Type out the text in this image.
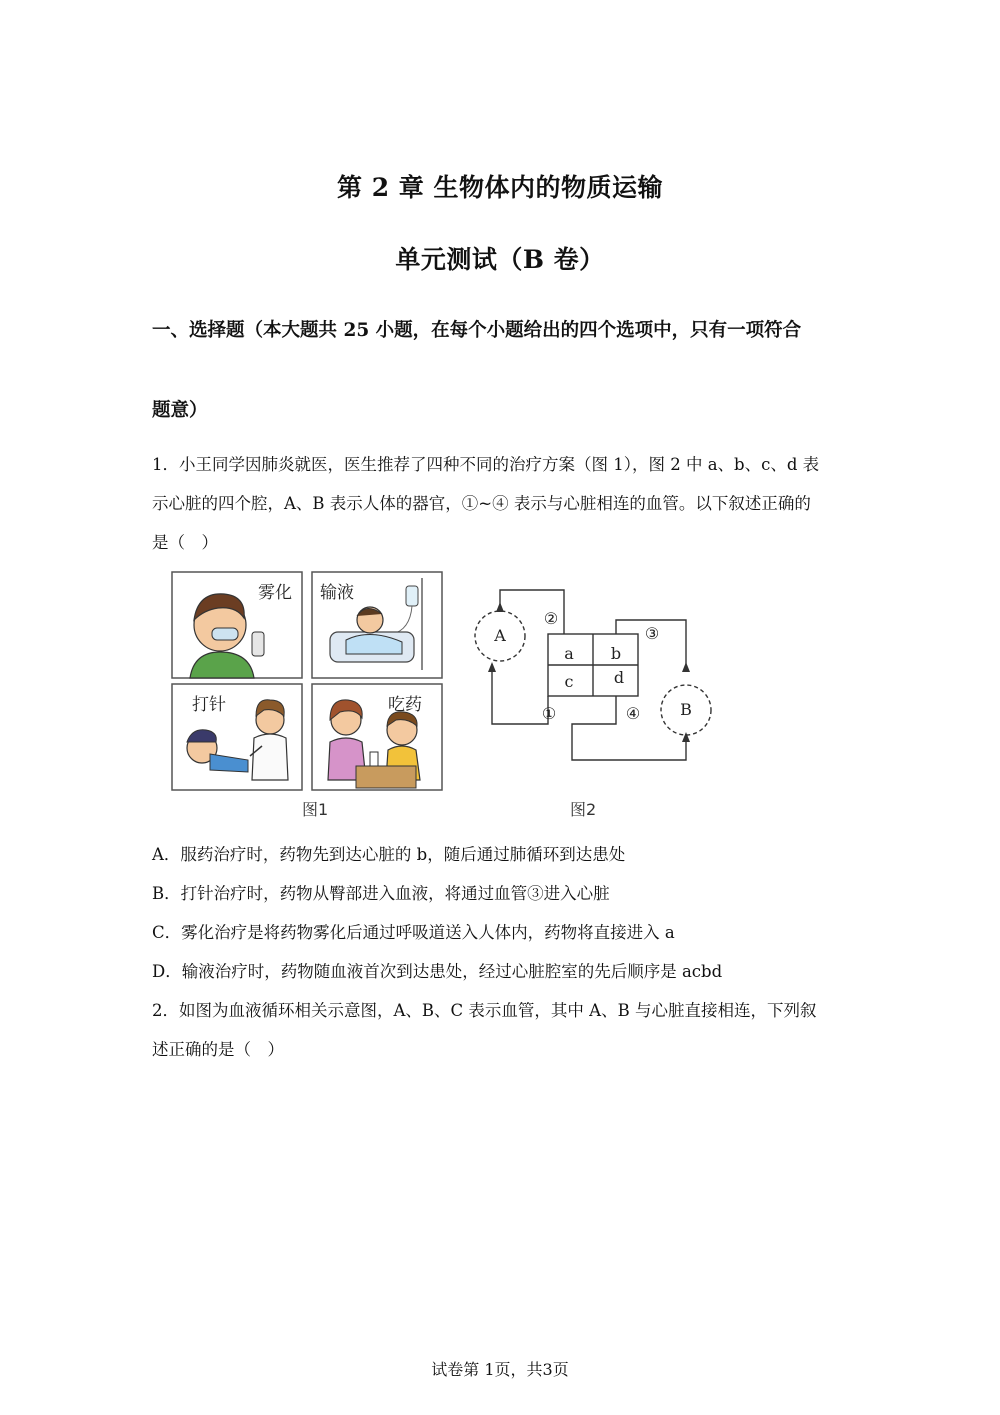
第 2 章 生物体内的物质运输
单元测试（B 卷）
一、选择题（本大题共 25 小题，在每个小题给出的四个选项中，只有一项符合
题意）
1．小王同学因肺炎就医，医生推荐了四种不同的治疗方案（图 1），图 2 中 a、b、c、d 表
示心脏的四个腔，A、B 表示人体的器官，①~④ 表示与心脏相连的血管。以下叙述正确的
是（　）
雾化 输液
打针	吃药
图1
A
B
a b
c	d
②
③
①	④
图2
A．服药治疗时，药物先到达心脏的 b，随后通过肺循环到达患处
B．打针治疗时，药物从臀部进入血液，将通过血管③进入心脏
C．雾化治疗是将药物雾化后通过呼吸道送入人体内，药物将直接进入 a
D．输液治疗时，药物随血液首次到达患处，经过心脏腔室的先后顺序是 acbd
2．如图为血液循环相关示意图，A、B、C 表示血管，其中 A、B 与心脏直接相连，下列叙
述正确的是（　）
试卷第 1页，共3页
